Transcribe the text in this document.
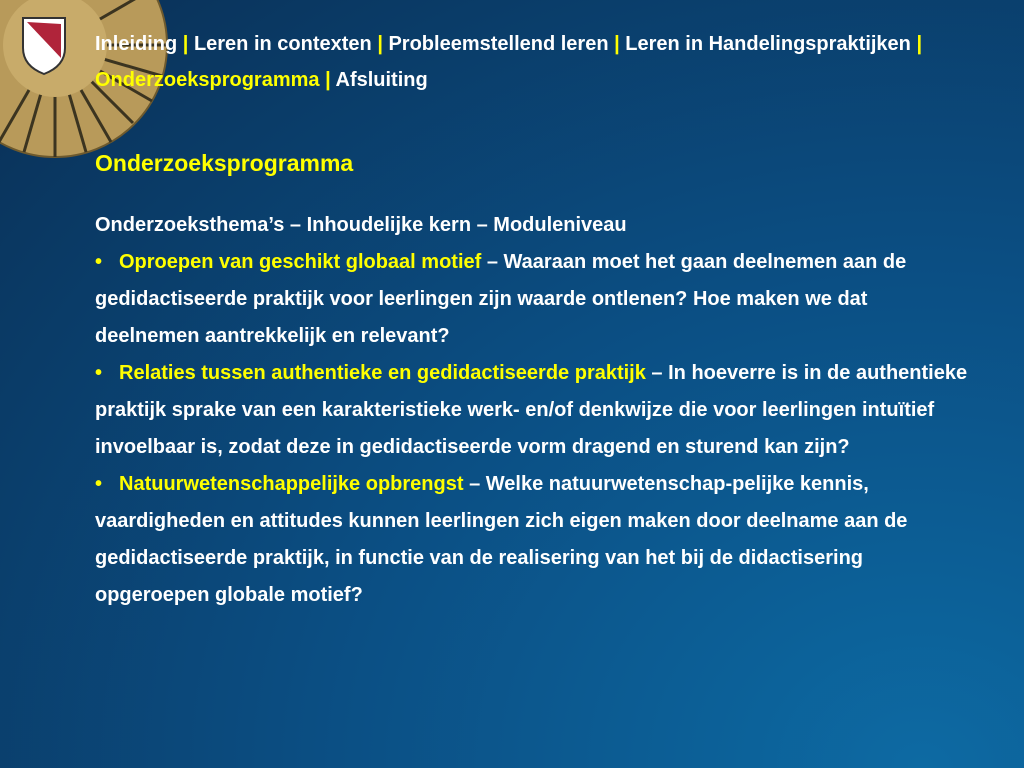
Inleiding | Leren in contexten | Probleemstellend leren | Leren in Handelingspraktijken | Onderzoeksprogramma | Afsluiting
Onderzoeksprogramma

Onderzoeksthema’s – Inhoudelijke kern – Moduleniveau

• Oproepen van geschikt globaal motief – Waaraan moet het gaan deelnemen aan de gedidactiseerde praktijk voor leerlingen zijn waarde ontlenen? Hoe maken we dat deelnemen aantrekkelijk en relevant?

• Relaties tussen authentieke en gedidactiseerde praktijk – In hoeverre is in de authentieke praktijk sprake van een karakteristieke werk- en/of denkwijze die voor leerlingen intuïtief invoelbaar is, zodat deze in gedidactiseerde vorm dragend en sturend kan zijn?

• Natuurwetenschappelijke opbrengst – Welke natuurwetenschap-pelijke kennis, vaardigheden en attitudes kunnen leerlingen zich eigen maken door deelname aan de gedidactiseerde praktijk, in functie van de realisering van het bij de didactisering opgeroepen globale motief?
